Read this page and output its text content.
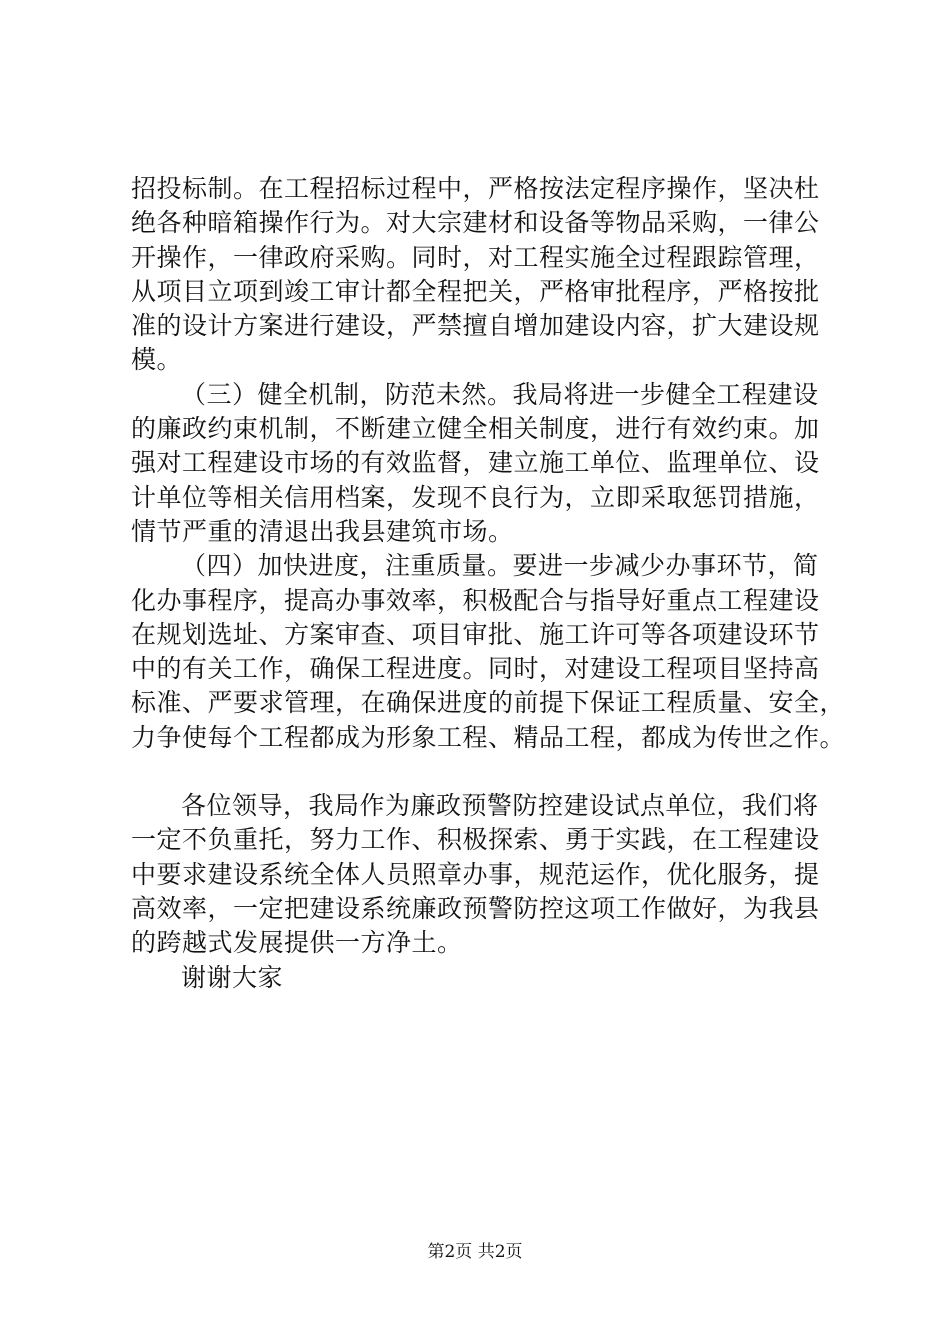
招投标制。在工程招标过程中，严格按法定程序操作，坚决杜
绝各种暗箱操作行为。对大宗建材和设备等物品采购，一律公
开操作，一律政府采购。同时，对工程实施全过程跟踪管理，
从项目立项到竣工审计都全程把关，严格审批程序，严格按批
准的设计方案进行建设，严禁擅自增加建设内容，扩大建设规
模。
（三）健全机制，防范未然。我局将进一步健全工程建设
的廉政约束机制，不断建立健全相关制度，进行有效约束。加
强对工程建设市场的有效监督，建立施工单位、监理单位、设
计单位等相关信用档案，发现不良行为，立即采取惩罚措施，
情节严重的清退出我县建筑市场。
（四）加快进度，注重质量。要进一步减少办事环节，简
化办事程序，提高办事效率，积极配合与指导好重点工程建设
在规划选址、方案审查、项目审批、施工许可等各项建设环节
中的有关工作，确保工程进度。同时，对建设工程项目坚持高
标准、严要求管理，在确保进度的前提下保证工程质量、安全，
力争使每个工程都成为形象工程、精品工程，都成为传世之作。
各位领导，我局作为廉政预警防控建设试点单位，我们将
一定不负重托，努力工作、积极探索、勇于实践，在工程建设
中要求建设系统全体人员照章办事，规范运作，优化服务，提
高效率，一定把建设系统廉政预警防控这项工作做好，为我县
的跨越式发展提供一方净土。
谢谢大家
第2页 共2页
